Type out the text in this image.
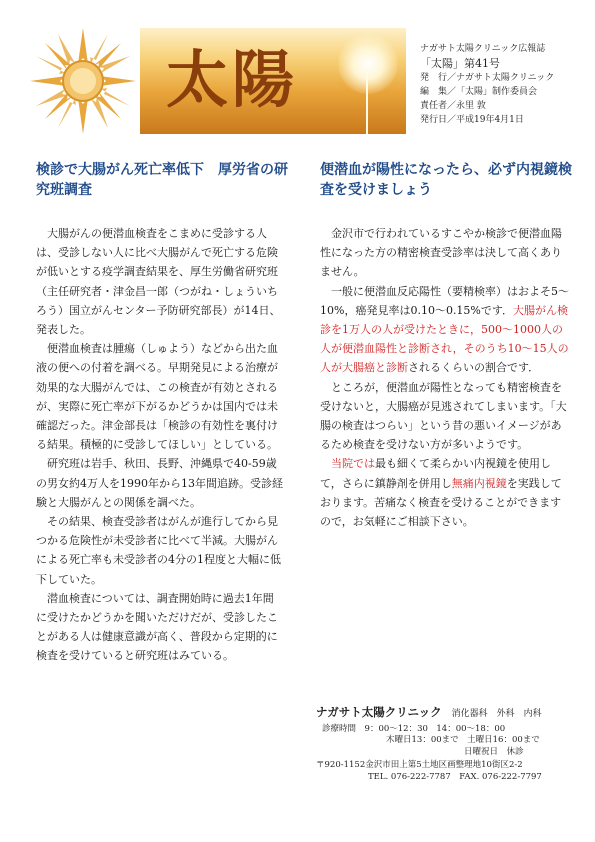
太陽	ナガサト太陽クリニック広報誌
「太陽」第41号
発　行／ナガサト太陽クリニック
編　集／「太陽」制作委員会
責任者／永里 敦
発行日／平成19年4月1日
検診で大腸がん死亡率低下　厚労省の研究班調査

大腸がんの便潜血検査をこまめに受診する人は、受診しない人に比べ大腸がんで死亡する危険が低いとする疫学調査結果を、厚生労働省研究班（主任研究者・津金昌一郎（つがね・しょういちろう）国立がんセンター予防研究部長）が14日、発表した。

便潜血検査は腫瘍（しゅよう）などから出た血液の便への付着を調べる。早期発見による治療が効果的な大腸がんでは、この検査が有効とされるが、実際に死亡率が下がるかどうかは国内では未確認だった。津金部長は「検診の有効性を裏付ける結果。積極的に受診してほしい」としている。

研究班は岩手、秋田、長野、沖縄県で40-59歳の男女約4万人を1990年から13年間追跡。受診経験と大腸がんとの関係を調べた。

その結果、検査受診者はがんが進行してから見つかる危険性が未受診者に比べて半減。大腸がんによる死亡率も未受診者の4分の1程度と大幅に低下していた。

潜血検査については、調査開始時に過去1年間に受けたかどうかを聞いただけだが、受診したことがある人は健康意識が高く、普段から定期的に検査を受けていると研究班はみている。

便潜血が陽性になったら、必ず内視鏡検査を受けましょう

金沢市で行われているすこやか検診で便潜血陽性になった方の精密検査受診率は決して高くありません。

一般に便潜血反応陽性（要精検率）はおよそ5～10%，癌発見率は0.10～0.15%です．大腸がん検診を1万人の人が受けたときに，500～1000人の人が便潜血陽性と診断され，そのうち10～15人の人が大腸癌と診断されるくらいの割合です．

ところが，便潜血が陽性となっても精密検査を受けないと，大腸癌が見逃されてしまいます。「大腸の検査はつらい」という昔の悪いイメージがあるため検査を受けない方が多いようです。

当院では最も細くて柔らかい内視鏡を使用して，さらに鎮静剤を併用し無痛内視鏡を実践しております。苦痛なく検査を受けることができますので，お気軽にご相談下さい。

ナガサト太陽クリニック 消化器科　外科　内科
診療時間　 9：00～12：30　14：00～18：00
木曜日13：00まで　土曜日16：00まで
日曜祝日　休診
〒920-1152金沢市田上第5土地区画整理地10街区2-2
TEL. 076-222-7787　FAX. 076-222-7797
